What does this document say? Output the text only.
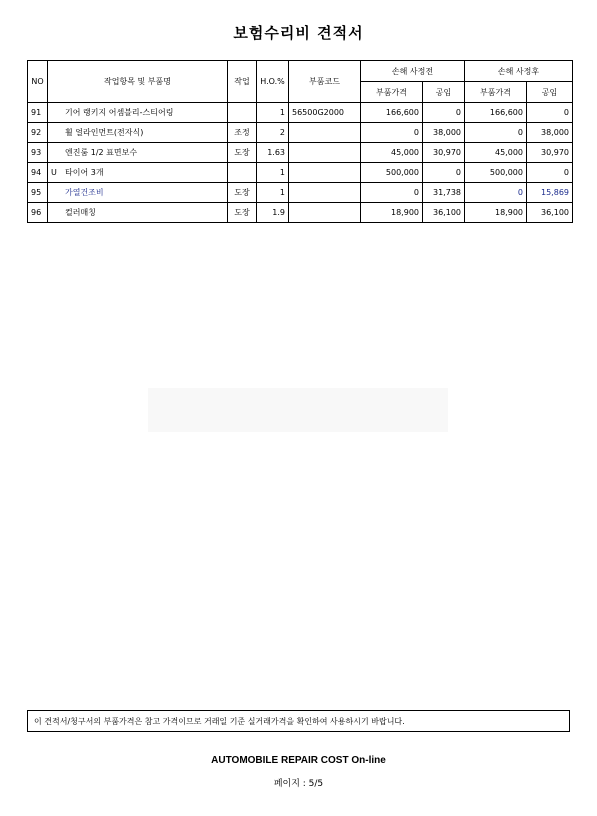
보험수리비 견적서
NO	작업항목 및 부품명	작업	H.O.%	부품코드	손해 사정전		손해 사정후	
					부품가격	공임	부품가격	공임
91	기어 랭키지 어셈블리-스티어링		1	56500G2000	166,600	0	166,600	0
92	휠 얼라인먼트(전자식)	조정	2		0	38,000	0	38,000
93	엔진룸 1/2 표면보수	도장	1.63		45,000	30,970	45,000	30,970
94	U 타이어 3개		1		500,000	0	500,000	0
95	가열건조비	도장	1		0	31,738	0	15,869
96	컬러매칭	도장	1.9		18,900	36,100	18,900	36,100
이 견적서/청구서의 부품가격은 참고 가격이므로 거래일 기준 실거래가격을 확인하여 사용하시기 바랍니다.
AUTOMOBILE REPAIR COST On-line
페이지 : 5/5
